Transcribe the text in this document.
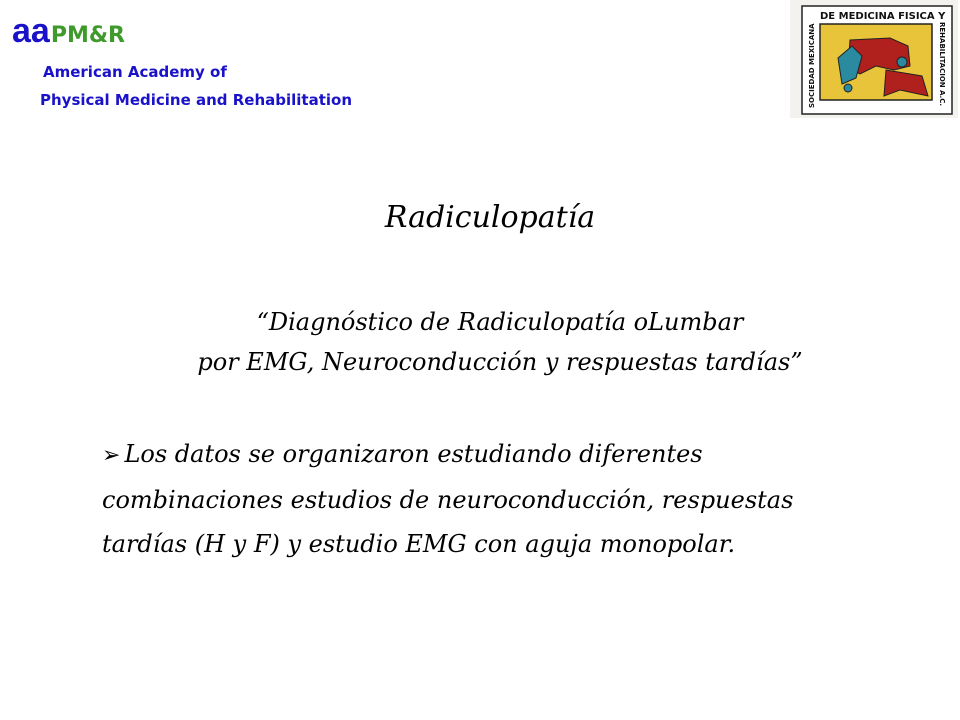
aaPM&R
American Academy of
Physical Medicine and Rehabilitation
DE MEDICINA FISICA Y
SOCIEDAD MEXICANA	REHABILITACION A.C.
Radiculopatía
“Diagnóstico de Radiculopatía oLumbar
por EMG, Neuroconducción y respuestas tardías”
➢ Los datos se organizaron estudiando diferentes combinaciones estudios de neuroconducción, respuestas tardías (H y F) y estudio EMG con aguja monopolar.
